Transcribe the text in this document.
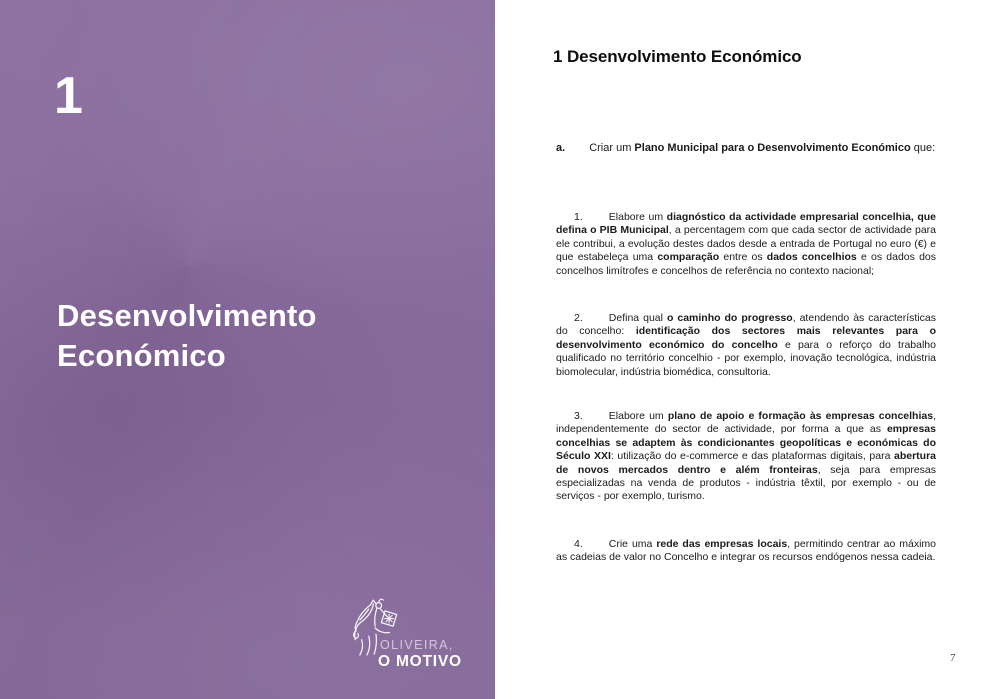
1
Desenvolvimento
Económico
OLIVEIRA,
O MOTIVO
1 Desenvolvimento Económico

a. Criar um Plano Municipal para o Desenvolvimento Económico que:

1. Elabore um diagnóstico da actividade empresarial concelhia, que defina o PIB Municipal, a percentagem com que cada sector de actividade para ele contribui, a evolução destes dados desde a entrada de Portugal no euro (€) e que estabeleça uma comparação entre os dados concelhios e os dados dos concelhos limítrofes e concelhos de referência no contexto nacional;

2. Defina qual o caminho do progresso, atendendo às características do concelho: identificação dos sectores mais relevantes para o desenvolvimento económico do concelho e para o reforço do trabalho qualificado no território concelhio - por exemplo, inovação tecnológica, indústria biomolecular, indústria biomédica, consultoria.

3. Elabore um plano de apoio e formação às empresas concelhias, independentemente do sector de actividade, por forma a que as empresas concelhias se adaptem às condicionantes geopolíticas e económicas do Século XXI: utilização do e-commerce e das plataformas digitais, para abertura de novos mercados dentro e além fronteiras, seja para empresas especializadas na venda de produtos - indústria têxtil, por exemplo - ou de serviços - por exemplo, turismo.

4. Crie uma rede das empresas locais, permitindo centrar ao máximo as cadeias de valor no Concelho e integrar os recursos endógenos nessa cadeia.

7
